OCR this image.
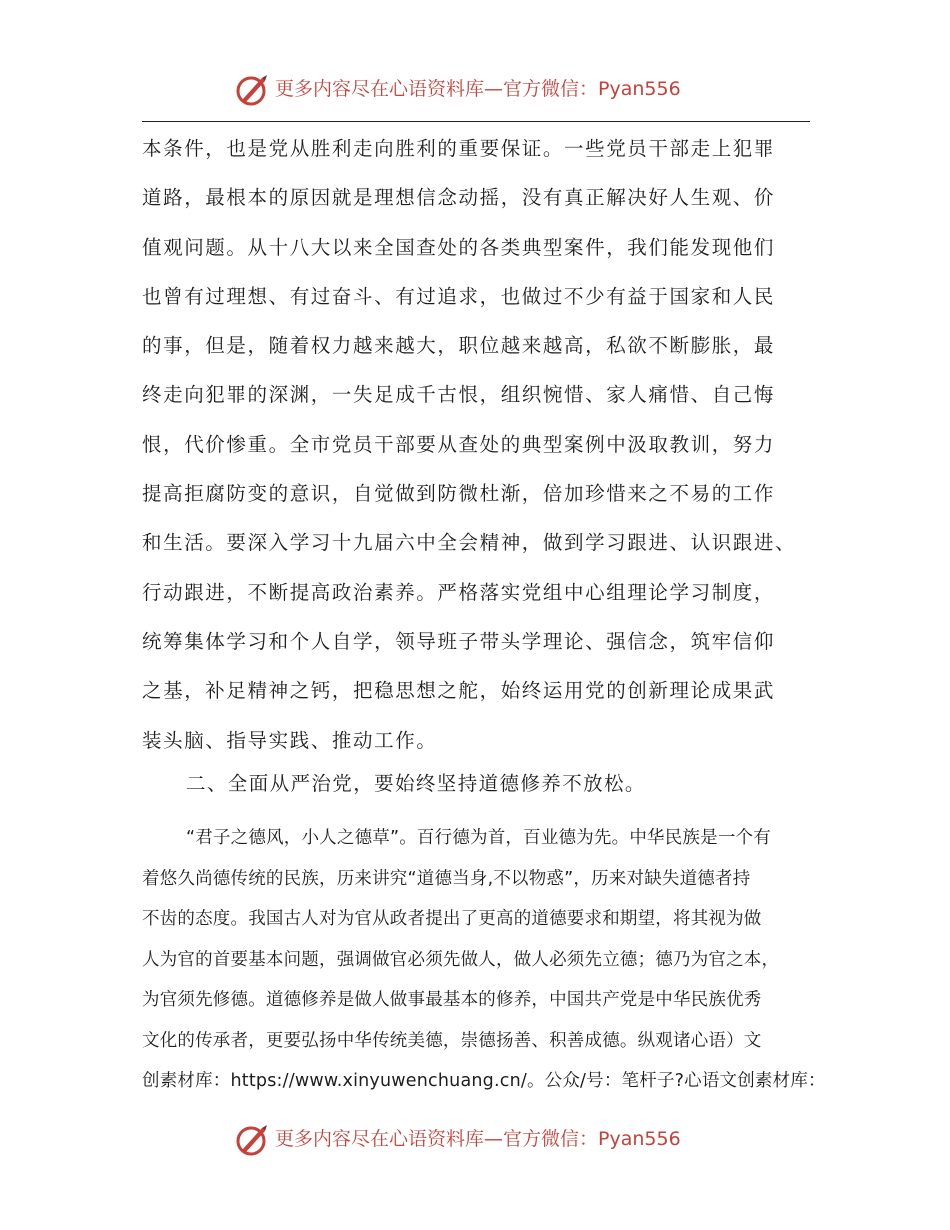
更多内容尽在心语资料库—官方微信：Pyan556

本条件，也是党从胜利走向胜利的重要保证。一些党员干部走上犯罪

道路，最根本的原因就是理想信念动摇，没有真正解决好人生观、价

值观问题。从十八大以来全国查处的各类典型案件，我们能发现他们

也曾有过理想、有过奋斗、有过追求，也做过不少有益于国家和人民

的事，但是，随着权力越来越大，职位越来越高，私欲不断膨胀，最

终走向犯罪的深渊，一失足成千古恨，组织惋惜、家人痛惜、自己悔

恨，代价惨重。全市党员干部要从查处的典型案例中汲取教训，努力

提高拒腐防变的意识，自觉做到防微杜渐，倍加珍惜来之不易的工作

和生活。要深入学习十九届六中全会精神，做到学习跟进、认识跟进、

行动跟进，不断提高政治素养。严格落实党组中心组理论学习制度，

统筹集体学习和个人自学，领导班子带头学理论、强信念，筑牢信仰

之基，补足精神之钙，把稳思想之舵，始终运用党的创新理论成果武

装头脑、指导实践、推动工作。

二、全面从严治党，要始终坚持道德修养不放松。

“君子之德风，小人之德草”。百行德为首，百业德为先。中华民族是一个有

着悠久尚德传统的民族，历来讲究“道德当身,不以物惑”，历来对缺失道德者持

不齿的态度。我国古人对为官从政者提出了更高的道德要求和期望，将其视为做

人为官的首要基本问题，强调做官必须先做人，做人必须先立德；德乃为官之本，

为官须先修德。道德修养是做人做事最基本的修养，中国共产党是中华民族优秀

文化的传承者，更要弘扬中华传统美德，崇德扬善、积善成德。纵观诸心语）文

创素材库：https://www.xinyuwenchuang.cn/。公众/号：笔杆子?心语文创素材库：

更多内容尽在心语资料库—官方微信：Pyan556
